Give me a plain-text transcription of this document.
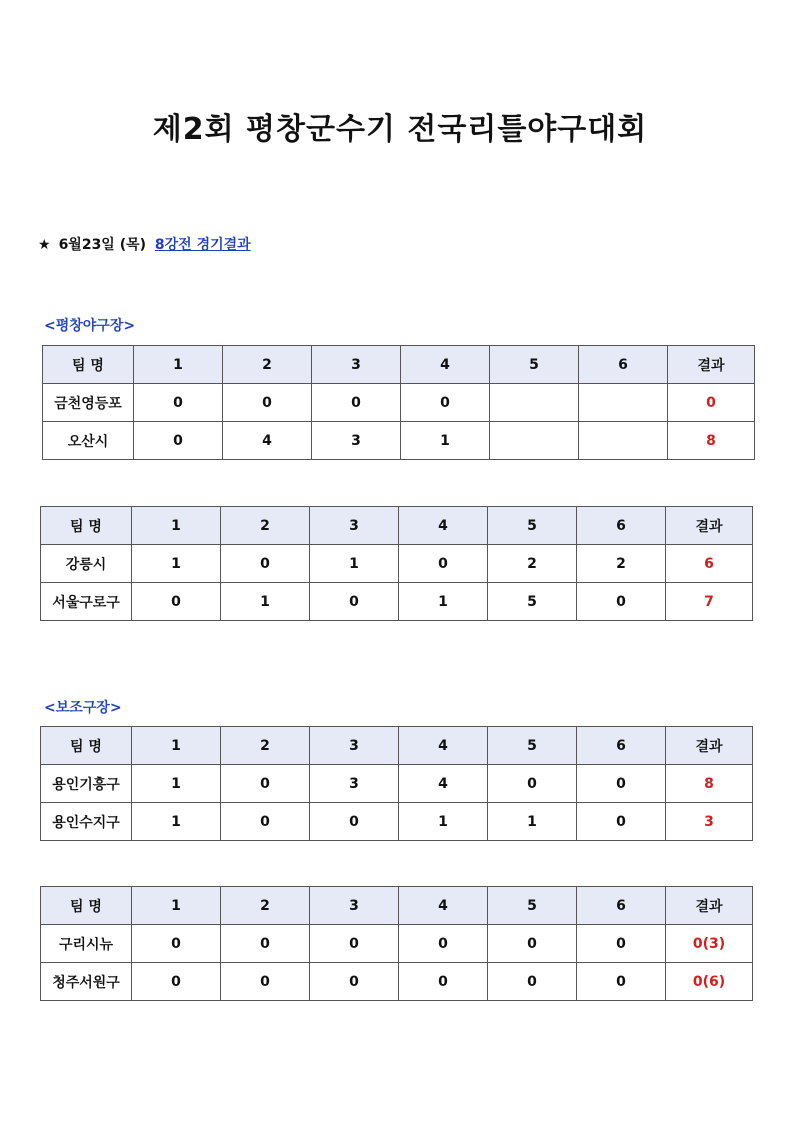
제2회 평창군수기 전국리틀야구대회
★ 6월23일 (목) 8강전 경기결과
<평창야구장>
<보조구장>
팀 명	1	2	3	4	5	6	결과
금천영등포	0	0	0	0			0
오산시	0	4	3	1			8
팀 명	1	2	3	4	5	6	결과
강릉시	1	0	1	0	2	2	6
서울구로구	0	1	0	1	5	0	7
팀 명	1	2	3	4	5	6	결과
용인기흥구	1	0	3	4	0	0	8
용인수지구	1	0	0	1	1	0	3
팀 명	1	2	3	4	5	6	결과
구리시뉴	0	0	0	0	0	0	0(3)
청주서원구	0	0	0	0	0	0	0(6)
